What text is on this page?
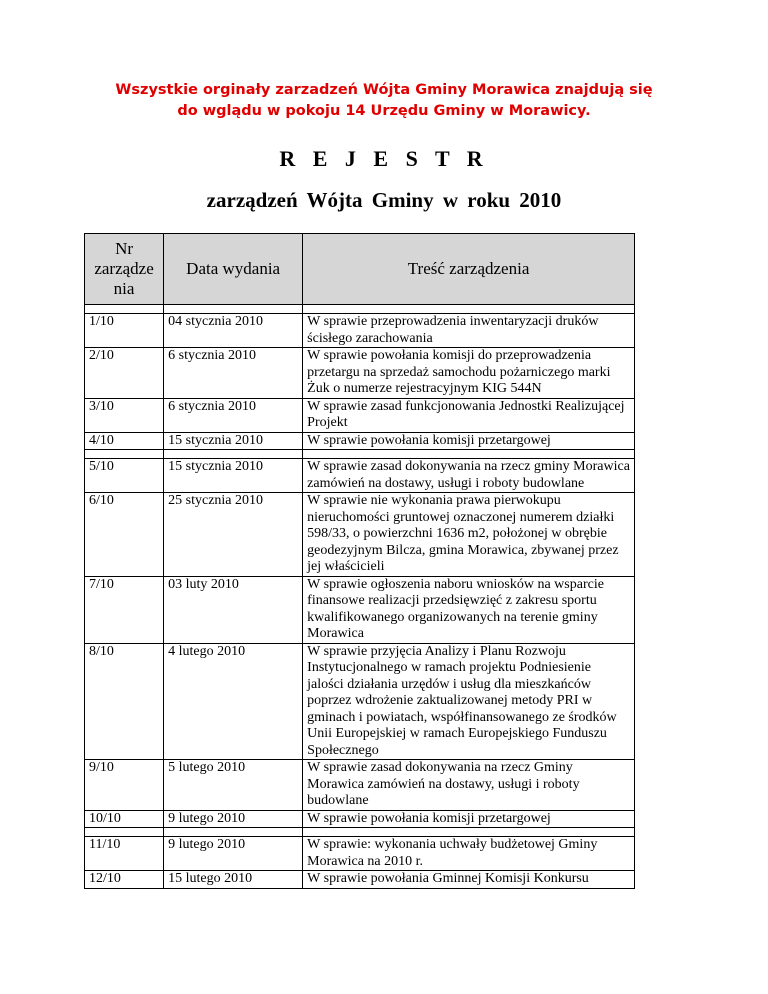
Wszystkie orginały zarzadzeń Wójta Gminy Morawica znajdują się
do wglądu w pokoju 14 Urzędu Gminy w Morawicy.
R E J E S T R
zarządzeń Wójta Gminy w roku 2010
Nr zarządze nia	Data wydania	Treść zarządzenia

1/10	04 stycznia 2010	W sprawie przeprowadzenia inwentaryzacji druków ścisłego zarachowania
2/10	6 stycznia 2010	W sprawie powołania komisji do przeprowadzenia przetargu na sprzedaż samochodu pożarniczego marki Żuk o numerze rejestracyjnym KIG 544N
3/10	6 stycznia 2010	W sprawie zasad funkcjonowania Jednostki Realizującej Projekt
4/10	15 stycznia 2010	W sprawie powołania komisji przetargowej

5/10	15 stycznia 2010	W sprawie zasad dokonywania na rzecz gminy Morawica zamówień na dostawy, usługi i roboty budowlane
6/10	25 stycznia 2010	W sprawie nie wykonania prawa pierwokupu nieruchomości gruntowej oznaczonej numerem działki 598/33, o powierzchni 1636 m2, położonej w obrębie geodezyjnym Bilcza, gmina Morawica, zbywanej przez jej właścicieli
7/10	03 luty 2010	W sprawie ogłoszenia naboru wniosków na wsparcie finansowe realizacji przedsięwzięć z zakresu sportu kwalifikowanego organizowanych na terenie gminy Morawica
8/10	4 lutego 2010	W sprawie przyjęcia Analizy i Planu Rozwoju Instytucjonalnego w ramach projektu Podniesienie jalości działania urzędów i usług dla mieszkańców poprzez wdrożenie zaktualizowanej metody PRI w gminach i powiatach, współfinansowanego ze środków Unii Europejskiej w ramach Europejskiego Funduszu Społecznego
9/10	5 lutego 2010	W sprawie zasad dokonywania na rzecz Gminy Morawica zamówień na dostawy, usługi i roboty budowlane
10/10	9 lutego 2010	W sprawie powołania komisji przetargowej

11/10	9 lutego 2010	W sprawie: wykonania uchwały budżetowej Gminy Morawica na 2010 r.
12/10	15 lutego 2010	W sprawie powołania Gminnej Komisji Konkursu
